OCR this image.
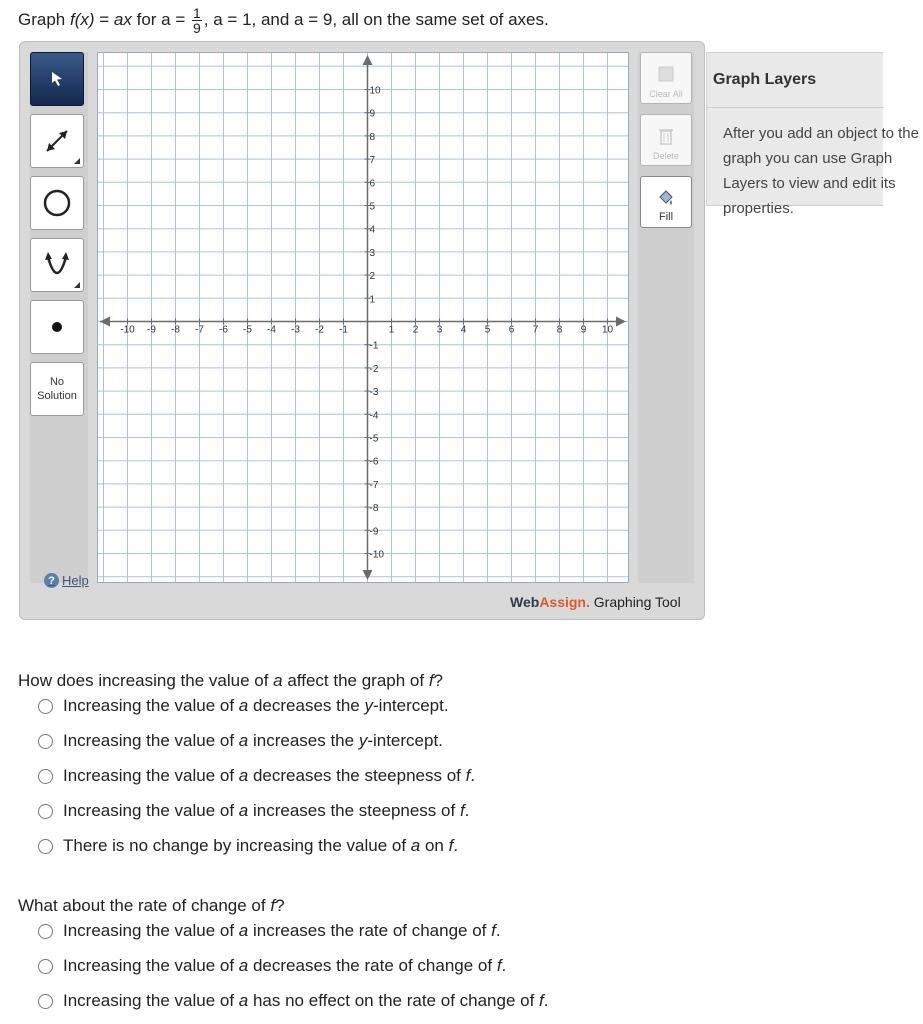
Graph f(x) = ax for $a = \frac{1}{9}$ , a = 1, and a = 9, all on the same set of axes.
No
Solution
? Help
-10 -9 -8 -7 -6 -5 -4 -3 -2 -1	1 2 3 4 5 6 7 8 9 10
10
9
8
7
6
5
4
3
2
1
-1
-2
-3
-4
-5
-6
-7
-8
-9
-10
Clear All
Delete
Fill
WebAssign. Graphing Tool
Graph Layers
After you add an object to the graph you can use Graph Layers to view and edit its properties.
How does increasing the value of a affect the graph of f?
Increasing the value of a decreases the y -intercept.
Increasing the value of a increases the y -intercept.
Increasing the value of a decreases the steepness of f .
Increasing the value of a increases the steepness of f .
There is no change by increasing the value of a on f .
What about the rate of change of f?
Increasing the value of a increases the rate of change of f .
Increasing the value of a decreases the rate of change of f .
Increasing the value of a has no effect on the rate of change of f .
